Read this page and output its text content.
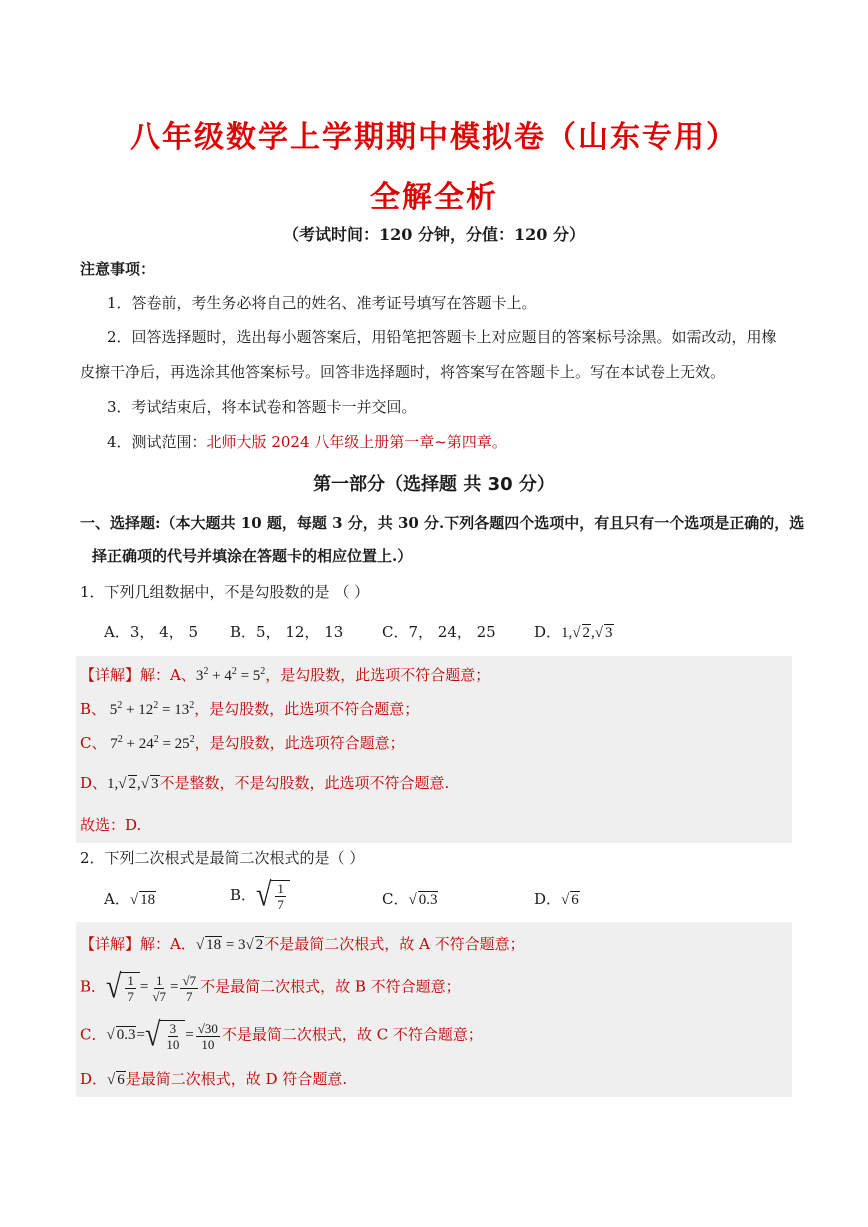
八年级数学上学期期中模拟卷（山东专用）
全解全析
（考试时间：120 分钟，分值：120 分）
注意事项：
1．答卷前，考生务必将自己的姓名、准考证号填写在答题卡上。
2．回答选择题时，选出每小题答案后，用铅笔把答题卡上对应题目的答案标号涂黑。如需改动，用橡
皮擦干净后，再选涂其他答案标号。回答非选择题时，将答案写在答题卡上。写在本试卷上无效。
3．考试结束后，将本试卷和答题卡一并交回。
4．测试范围：北师大版 2024 八年级上册第一章~第四章。
第一部分（选择题 共 30 分）
一、选择题:（本大题共 10 题，每题 3 分，共 30 分.下列各题四个选项中，有且只有一个选项是正确的，选
择正确项的代号并填涂在答题卡的相应位置上.）
1．下列几组数据中，不是勾股数的是 （ ）
A．3， 4， 5 B．5， 12， 13	C．7， 24， 25	D．1,√ 2,√ 3
【详解】解：A、$3^2 + 4^2 = 5^2$，是勾股数，此选项不符合题意；
B、 $5^2 + 12^2 = 13^2$，是勾股数，此选项不符合题意；
C、 $7^2 + 24^2 = 25^2$，是勾股数，此选项符合题意；
D、1,√ 2,√ 3不是整数，不是勾股数，此选项不符合题意.
故选：D.
2．下列二次根式是最简二次根式的是（ ）
A．√ 18	B． √ $\frac{1}{7}$	C．√ 0.3	D．√ 6
【详解】解：A．√ 18 = 3√ 2不是最简二次根式，故 A 不符合题意；
B． √ $\frac{1}{7} = \frac{1}{√7} = \frac{√7}{7}$ 不是最简二次根式，故 B 不符合题意；
C．√ 0.3= √ $\frac{3}{10} = \frac{√30}{10}$ 不是最简二次根式，故 C 不符合题意；
D．√ 6是最简二次根式，故 D 符合题意.
